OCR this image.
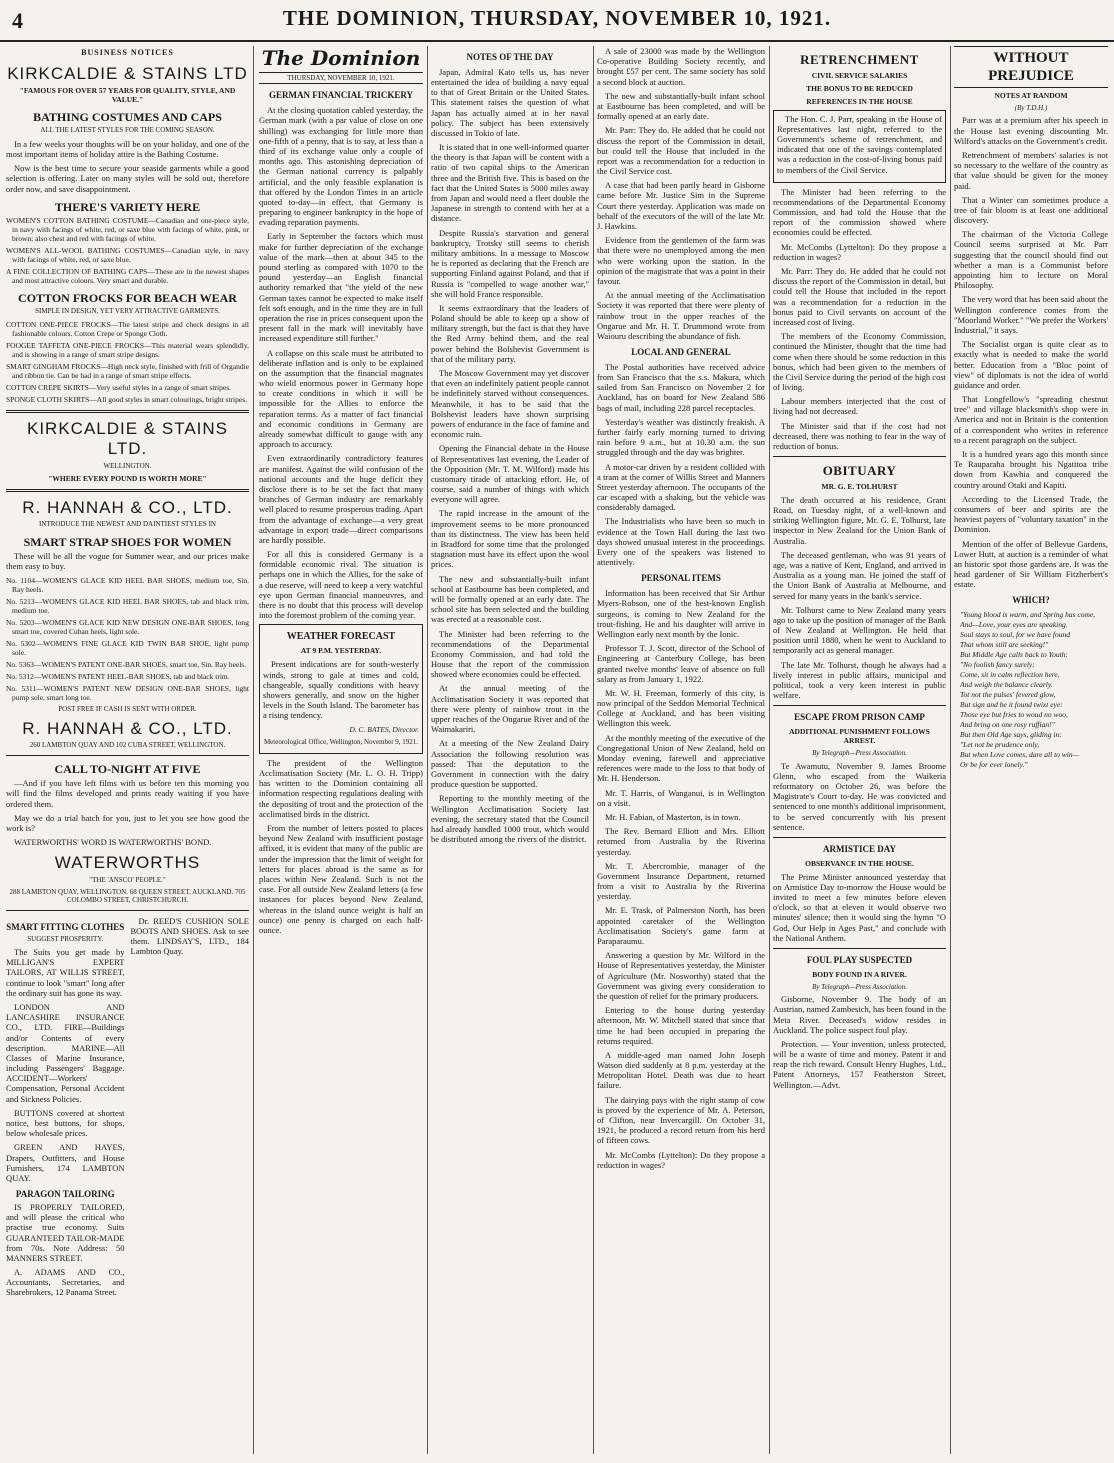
4	THE DOMINION, THURSDAY, NOVEMBER 10, 1921.
BUSINESS NOTICES
KIRKCALDIE & STAINS LTD
"FAMOUS FOR OVER 57 YEARS FOR QUALITY, STYLE, AND VALUE."
BATHING COSTUMES AND CAPS
ALL THE LATEST STYLES FOR THE COMING SEASON.

In a few weeks your thoughts will be on your holiday, and one of the most important items of holiday attire is the Bathing Costume.

Now is the best time to secure your seaside garments while a good selection is offering. Later on many styles will be sold out, therefore order now, and save disappointment.

THERE'S VARIETY HERE
WOMEN'S COTTON BATHING COSTUME—Canadian and one-piece style, in navy with facings of white, red, or saxe blue with facings of white, pink, or brown; also chest and red with facings of white.
WOMEN'S ALL-WOOL BATHING COSTUMES—Canadian style, in navy with facings of white, red, or saxe blue.
A FINE COLLECTION OF BATHING CAPS—These are in the newest shapes and most attractive colours. Very smart and durable.
COTTON FROCKS FOR BEACH WEAR
SIMPLE IN DESIGN, YET VERY ATTRACTIVE GARMENTS.
COTTON ONE-PIECE FROCKS—The latest stripe and check designs in all fashionable colours. Cotton Crepe or Sponge Cloth.
FOOGEE TAFFETA ONE-PIECE FROCKS—This material wears splendidly, and is showing in a range of smart stripe designs.
SMART GINGHAM FROCKS—High neck style, finished with frill of Organdie and ribbon tie. Can be had in a range of smart stripe effects.
COTTON CREPE SKIRTS—Very useful styles in a range of smart stripes.
SPONGE CLOTH SKIRTS—All good styles in smart colourings, bright stripes.
KIRKCALDIE & STAINS LTD.
WELLINGTON.
"WHERE EVERY POUND IS WORTH MORE"
R. HANNAH & CO., LTD.
INTRODUCE THE NEWEST AND DAINTIEST STYLES IN
SMART STRAP SHOES FOR WOMEN

These will be all the vogue for Summer wear, and our prices make them easy to buy.

No. 1104—WOMEN'S GLACE KID HEEL BAR SHOES, medium toe, Sin. Ray heels.
No. 5213—WOMEN'S GLACE KID HEEL BAR SHOES, tab and black trim, medium toe.
No. 5203—WOMEN'S GLACE KID NEW DESIGN ONE-BAR SHOES, long smart toe, covered Cuban heels, light sole.
No. 5302—WOMEN'S FINE GLACE KID TWIN BAR SHOE, light pump sole.
No. 5363—WOMEN'S PATENT ONE-BAR SHOES, smart toe, Sin. Ray heels.
No. 5312—WOMEN'S PATENT HEEL-BAR SHOES, tab and black trim.
No. 5311—WOMEN'S PATENT NEW DESIGN ONE-BAR SHOES, light pump sole, smart long toe.
POST FREE IF CASH IS SENT WITH ORDER.
R. HANNAH & CO., LTD.
260 LAMBTON QUAY AND 102 CUBA STREET, WELLINGTON.
CALL TO-NIGHT AT FIVE

—And if you have left films with us before ten this morning you will find the films developed and prints ready waiting if you have ordered them.

May we do a trial batch for you, just to let you see how good the work is?

WATERWORTHS' WORD IS WATERWORTHS' BOND.

WATERWORTHS
"THE 'ANSCO' PEOPLE."
288 LAMBTON QUAY, WELLINGTON. 68 QUEEN STREET, AUCKLAND. 705 COLOMBO STREET, CHRISTCHURCH.
SMART FITTING CLOTHES
SUGGEST PROSPERITY.

The Suits you get made by MILLIGAN'S EXPERT TAILORS, AT WILLIS STREET, continue to look "smart" long after the ordinary suit has gone its way.

LONDON AND LANCASHIRE INSURANCE CO., LTD. FIRE—Buildings and/or Contents of every description. MARINE—All Classes of Marine Insurance, including Passengers' Baggage. ACCIDENT—Workers' Compensation, Personal Accident and Sickness Policies.

BUTTONS covered at shortest notice, best buttons, for shops, below wholesale prices.

GREEN AND HAYES, Drapers, Outfitters, and House Furnishers, 174 LAMBTON QUAY.

PARAGON TAILORING

IS PROPERLY TAILORED, and will please the critical who practise true economy. Suits GUARANTEED TAILOR-MADE from 70s. Note Address: 50 MANNERS STREET.

A. ADAMS AND CO., Accountants, Secretaries, and Sharebrokers, 12 Panama Street.

Dr. REED'S CUSHION SOLE BOOTS AND SHOES. Ask to see them. LINDSAY'S, LTD., 184 Lambton Quay.

The Dominion
THURSDAY, NOVEMBER 10, 1921.
GERMAN FINANCIAL TRICKERY

At the closing quotation cabled yesterday, the German mark (with a par value of close on one shilling) was exchanging for little more than one-fifth of a penny, that is to say, at less than a third of its exchange value only a couple of months ago. This astonishing depreciation of the German national currency is palpably artificial, and the only feasible explanation is that offered by the London Times in an article quoted to-day—in effect, that Germany is preparing to engineer bankruptcy in the hope of evading reparation payments.

Early in September the factors which must make for further depreciation of the exchange value of the mark—then at about 345 to the pound sterling as compared with 1070 to the pound yesterday—an English financial authority remarked that "the yield of the new German taxes cannot be expected to make itself felt soft enough, and in the time they are in full operation the rise in prices consequent upon the present fall in the mark will inevitably have increased expenditure still further."

A collapse on this scale must be attributed to deliberate inflation and is only to be explained on the assumption that the financial magnates who wield enormous power in Germany hope to create conditions in which it will be impossible for the Allies to enforce the reparation terms. As a matter of fact financial and economic conditions in Germany are already somewhat difficult to gauge with any approach to accuracy.

Even extraordinarily contradictory features are manifest. Against the wild confusion of the national accounts and the huge deficit they disclose there is to be set the fact that many branches of German industry are remarkably well placed to resume prosperous trading. Apart from the advantage of exchange—a very great advantage in export trade—direct comparisons are hardly possible.

For all this is considered Germany is a formidable economic rival. The situation is perhaps one in which the Allies, for the sake of a due reserve, will need to keep a very watchful eye upon German financial manoeuvres, and there is no doubt that this process will develop into the foremost problem of the coming year.

WEATHER FORECAST
AT 9 P.M. YESTERDAY.

Present indications are for south-westerly winds, strong to gale at times and cold, changeable, squally conditions with heavy showers generally, and snow on the higher levels in the South Island. The barometer has a rising tendency.

D. C. BATES, Director.
Meteorological Office, Wellington, November 9, 1921.

The president of the Wellington Acclimatisation Society (Mr. L. O. H. Tripp) has written to the Dominion containing all information respecting regulations dealing with the depositing of trout and the protection of the acclimatised birds in the district.

From the number of letters posted to places beyond New Zealand with insufficient postage affixed, it is evident that many of the public are under the impression that the limit of weight for letters for places abroad is the same as for places within New Zealand. Such is not the case. For all outside New Zealand letters (a few instances for places beyond New Zealand, whereas in the island ounce weight is half an ounce) one penny is charged on each half-ounce.

NOTES OF THE DAY

Japan, Admiral Kato tells us, has never entertained the idea of building a navy equal to that of Great Britain or the United States. This statement raises the question of what Japan has actually aimed at in her naval policy. The subject has been extensively discussed in Tokio of late.

It is stated that in one well-informed quarter the theory is that Japan will be content with a ratio of two capital ships to the American three and the British five. This is based on the fact that the United States is 5000 miles away from Japan and would need a fleet double the Japanese in strength to contend with her at a distance.

Despite Russia's starvation and general bankruptcy, Trotsky still seems to cherish military ambitions. In a message to Moscow he is reported as declaring that the French are supporting Finland against Poland, and that if Russia is "compelled to wage another war," she will hold France responsible.

It seems extraordinary that the leaders of Poland should be able to keep up a show of military strength, but the fact is that they have the Red Army behind them, and the real power behind the Bolshevist Government is that of the military party.

The Moscow Government may yet discover that even an indefinitely patient people cannot be indefinitely starved without consequences. Meanwhile, it has to be said that the Bolshevist leaders have shown surprising powers of endurance in the face of famine and economic ruin.

Opening the Financial debate in the House of Representatives last evening, the Leader of the Opposition (Mr. T. M. Wilford) made his customary tirade of attacking effort. He, of course, said a number of things with which everyone will agree.

The rapid increase in the amount of the improvement seems to be more pronounced than its distinctness. The view has been held in Bradford for some time that the prolonged stagnation must have its effect upon the wool prices.

The new and substantially-built infant school at Eastbourne has been completed, and will be formally opened at an early date. The school site has been selected and the building was erected at a reasonable cost.

The Minister had been referring to the recommendations of the Departmental Economy Commission, and had told the House that the report of the commission showed where economies could be effected.

At the annual meeting of the Acclimatisation Society it was reported that there were plenty of rainbow trout in the upper reaches of the Ongarue River and of the Waimakariri.

At a meeting of the New Zealand Dairy Association the following resolution was passed: That the deputation to the Government in connection with the dairy produce question be supported.

Reporting to the monthly meeting of the Wellington Acclimatisation Society last evening, the secretary stated that the Council had already handled 1000 trout, which would be distributed among the rivers of the district.

A sale of 23000 was made by the Wellington Co-operative Building Society recently, and brought £57 per cent. The same society has sold a second block at auction.

The new and substantially-built infant school at Eastbourne has been completed, and will be formally opened at an early date.

Mr. Parr: They do. He added that he could not discuss the report of the Commission in detail, but could tell the House that included in the report was a recommendation for a reduction in the Civil Service cost.

A case that had been partly heard in Gisborne came before Mr. Justice Sim in the Supreme Court there yesterday. Application was made on behalf of the executors of the will of the late Mr. J. Hawkins.

Evidence from the gentlemen of the farm was that there were no unemployed among the men who were working upon the station. In the opinion of the magistrate that was a point in their favour.

At the annual meeting of the Acclimatisation Society it was reported that there were plenty of rainbow trout in the upper reaches of the Ongarue and Mr. H. T. Drummond wrote from Waiouru describing the abundance of fish.

LOCAL AND GENERAL

The Postal authorities have received advice from San Francisco that the s.s. Makura, which sailed from San Francisco on November 2 for Auckland, has on board for New Zealand 586 bags of mail, including 228 parcel receptacles.

Yesterday's weather was distinctly freakish. A further fairly early morning turned to driving rain before 9 a.m., but at 10.30 a.m. the sun struggled through and the day was brighter.

A motor-car driven by a resident collided with a tram at the corner of Willis Street and Manners Street yesterday afternoon. The occupants of the car escaped with a shaking, but the vehicle was considerably damaged.

The Industrialists who have been so much in evidence at the Town Hall during the last two days showed unusual interest in the proceedings. Every one of the speakers was listened to attentively.

PERSONAL ITEMS

Information has been received that Sir Arthur Myers-Robson, one of the best-known English surgeons, is coming to New Zealand for the trout-fishing. He and his daughter will arrive in Wellington early next month by the Ionic.

Professor T. J. Scott, director of the School of Engineering at Canterbury College, has been granted twelve months' leave of absence on full salary as from January 1, 1922.

Mr. W. H. Freeman, formerly of this city, is now principal of the Seddon Memorial Technical College at Auckland, and has been visiting Wellington this week.

At the monthly meeting of the executive of the Congregational Union of New Zealand, held on Monday evening, farewell and appreciative references were made to the loss to that body of Mr. H. Henderson.

Mr. T. Harris, of Wanganui, is in Wellington on a visit.

Mr. H. Fabian, of Masterton, is in town.

The Rev. Bernard Elliott and Mrs. Elliott returned from Australia by the Riverina yesterday.

Mr. T. Abercrombie, manager of the Government Insurance Department, returned from a visit to Australia by the Riverina yesterday.

Mr. E. Trask, of Palmerston North, has been appointed caretaker of the Wellington Acclimatisation Society's game farm at Paraparaumu.

Answering a question by Mr. Wilford in the House of Representatives yesterday, the Minister of Agriculture (Mr. Nosworthy) stated that the Government was giving every consideration to the question of relief for the primary producers.

Entering to the house during yesterday afternoon, Mr. W. Mitchell stated that since that time he had been occupied in preparing the returns required.

A middle-aged man named John Joseph Watson died suddenly at 8 p.m. yesterday at the Metropolitan Hotel. Death was due to heart failure.

The dairying pays with the right stamp of cow is proved by the experience of Mr. A. Peterson, of Clifton, near Invercargill. On October 31, 1921, he produced a record return from his herd of fifteen cows.

Mr. McCombs (Lyttelton): Do they propose a reduction in wages?

RETRENCHMENT
CIVIL SERVICE SALARIES
THE BONUS TO BE REDUCED
REFERENCES IN THE HOUSE

The Hon. C. J. Parr, speaking in the House of Representatives last night, referred to the Government's scheme of retrenchment, and indicated that one of the savings contemplated was a reduction in the cost-of-living bonus paid to members of the Civil Service.

The Minister had been referring to the recommendations of the Departmental Economy Commission, and had told the House that the report of the commission showed where economies could be effected.

Mr. McCombs (Lyttelton): Do they propose a reduction in wages?

Mr. Parr: They do. He added that he could not discuss the report of the Commission in detail, but could tell the House that included in the report was a recommendation for a reduction in the bonus paid to Civil servants on account of the increased cost of living.

The members of the Economy Commission, continued the Minister, thought that the time had come when there should be some reduction in this bonus, which had been given to the members of the Civil Service during the period of the high cost of living.

Labour members interjected that the cost of living had not decreased.

The Minister said that if the cost had not decreased, there was nothing to fear in the way of reduction of bonus.

OBITUARY
MR. G. E. TOLHURST

The death occurred at his residence, Grant Road, on Tuesday night, of a well-known and striking Wellington figure, Mr. G. E. Tolhurst, late inspector in New Zealand for the Union Bank of Australia.

The deceased gentleman, who was 91 years of age, was a native of Kent, England, and arrived in Australia as a young man. He joined the staff of the Union Bank of Australia at Melbourne, and served for many years in the bank's service.

Mr. Tolhurst came to New Zealand many years ago to take up the position of manager of the Bank of New Zealand at Wellington. He held that position until 1880, when he went to Auckland to temporarily act as general manager.

The late Mr. Tolhurst, though he always had a lively interest in public affairs, municipal and political, took a very keen interest in public welfare.

ESCAPE FROM PRISON CAMP
ADDITIONAL PUNISHMENT FOLLOWS ARREST.
By Telegraph—Press Association.

Te Awamutu, November 9. James Broome Glenn, who escaped from the Waikeria reformatory on October 26, was before the Magistrate's Court to-day. He was convicted and sentenced to one month's additional imprisonment, to be served concurrently with his present sentence.

ARMISTICE DAY
OBSERVANCE IN THE HOUSE.

The Prime Minister announced yesterday that on Armistice Day to-morrow the House would be invited to meet a few minutes before eleven o'clock, so that at eleven it would observe two minutes' silence; then it would sing the hymn "O God, Our Help in Ages Past," and conclude with the National Anthem.

FOUL PLAY SUSPECTED
BODY FOUND IN A RIVER.
By Telegraph—Press Association.

Gisborne, November 9. The body of an Austrian, named Zambesich, has been found in the Meta River. Deceased's widow resides in Auckland. The police suspect foul play.

Protection. — Your invention, unless protected, will be a waste of time and money. Patent it and reap the rich reward. Consult Henry Hughes, Ltd., Patent Attorneys, 157 Featherston Street, Wellington.—Advt.

WITHOUT PREJUDICE
NOTES AT RANDOM
(By T.D.H.)

Parr was at a premium after his speech in the House last evening discounting Mr. Wilford's attacks on the Government's credit.

Retrenchment of members' salaries is not so necessary to the welfare of the country as that value should be given for the money paid.

That a Winter can sometimes produce a tree of fair bloom is at least one additional discovery.

The chairman of the Victoria College Council seems surprised at Mr. Parr suggesting that the council should find out whether a man is a Communist before appointing him to lecture on Moral Philosophy.

The very word that has been said about the Wellington conference comes from the "Moorland Worker." "We prefer the Workers' Industrial," it says.

The Socialist organ is quite clear as to exactly what is needed to make the world better. Education from a "Bloc point of view" of diplomats is not the idea of world guidance and order.

That Longfellow's "spreading chestnut tree" and village blacksmith's shop were in America and not in Britain is the contention of a correspondent who writes in reference to a recent paragraph on the subject.

It is a hundred years ago this month since Te Rauparaha brought his Ngatitoa tribe down from Kawhia and conquered the country around Otaki and Kapiti.

According to the Licensed Trade, the consumers of beer and spirits are the heaviest payers of "voluntary taxation" in the Dominion.

Mention of the offer of Bellevue Gardens, Lower Hutt, at auction is a reminder of what an historic spot those gardens are. It was the head gardener of Sir William Fitzherbert's estate.

WHICH?
"Young blood is warm, and Spring has come,
And—Love, your eyes are speaking.
Soul stays to soul, for we have found
That whom still are seeking!"
But Middle Age calls back to Youth:
"No foolish fancy surely;
Come, sit in calm reflection here,
And weigh the balance clearly.
Tot not the pulses' fevered glow,
But sign and be it found twixt eye:
Those eye but fries to woud no woo,
And bring on one rosy ruffian!"
But then Old Age says, gliding in:
"Let not be prudence only,
But when Love comes, dare all to win—
Or be for ever lonely."
